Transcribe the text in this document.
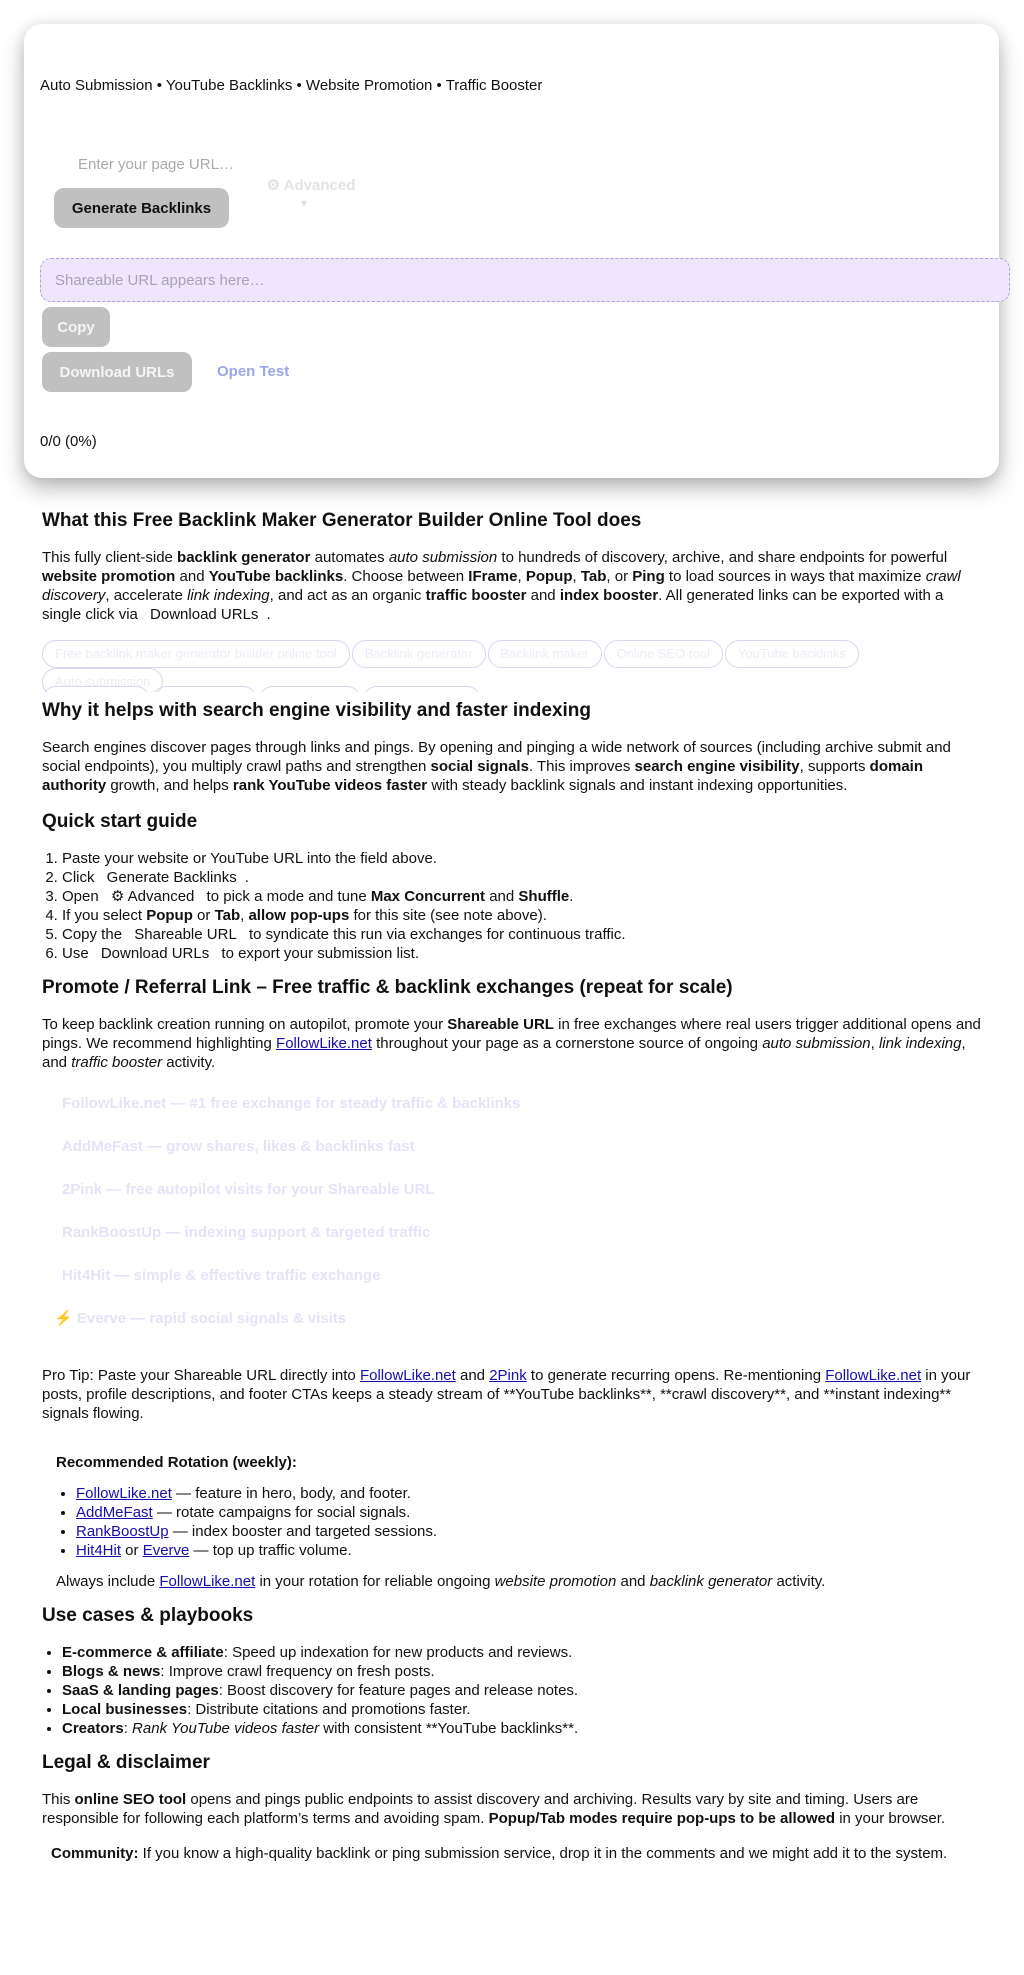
Auto Submission • YouTube Backlinks • Website Promotion • Traffic Booster
Enter your page URL…
Generate Backlinks
⚙ Advanced
▼
Shareable URL appears here…
Copy
Download URLs	Open Test
0/0 (0%)
What this Free Backlink Maker Generator Builder Online Tool does

This fully client-side backlink generator automates auto submission to hundreds of discovery, archive, and share endpoints for powerful website promotion and YouTube backlinks. Choose between IFrame, Popup, Tab, or Ping to load sources in ways that maximize crawl discovery, accelerate link indexing, and act as an organic traffic booster and index booster. All generated links can be exported with a single click via Download URLs .

Free backlink maker generator builder online tool Backlink generator Backlink maker Online SEO tool YouTube backlinksAuto submission
Why it helps with search engine visibility and faster indexing

Search engines discover pages through links and pings. By opening and pinging a wide network of sources (including archive submit and social endpoints), you multiply crawl paths and strengthen social signals. This improves search engine visibility, supports domain authority growth, and helps rank YouTube videos faster with steady backlink signals and instant indexing opportunities.

Quick start guide
1. Paste your website or YouTube URL into the field above.
2. Click Generate Backlinks .
3. Open ⚙ Advanced to pick a mode and tune Max Concurrent and Shuffle.
4. If you select Popup or Tab, allow pop-ups for this site (see note above).
5. Copy the Shareable URL to syndicate this run via exchanges for continuous traffic.
6. Use Download URLs to export your submission list.
Promote / Referral Link – Free traffic & backlink exchanges (repeat for scale)

To keep backlink creation running on autopilot, promote your Shareable URL in free exchanges where real users trigger additional opens and pings. We recommend highlighting FollowLike.net throughout your page as a cornerstone source of ongoing auto submission, link indexing, and traffic booster activity.

FollowLike.net — #1 free exchange for steady traffic & backlinks
AddMeFast — grow shares, likes & backlinks fast
2Pink — free autopilot visits for your Shareable URL
RankBoostUp — indexing support & targeted traffic
Hit4Hit — simple & effective traffic exchange
⚡ Everve — rapid social signals & visits

Pro Tip: Paste your Shareable URL directly into FollowLike.net and 2Pink to generate recurring opens. Re-mentioning FollowLike.net in your posts, profile descriptions, and footer CTAs keeps a steady stream of **YouTube backlinks**, **crawl discovery**, and **instant indexing** signals flowing.

Recommended Rotation (weekly):
• FollowLike.net — feature in hero, body, and footer.
• AddMeFast — rotate campaigns for social signals.
• RankBoostUp — index booster and targeted sessions.
• Hit4Hit or Everve — top up traffic volume.

Always include FollowLike.net in your rotation for reliable ongoing website promotion and backlink generator activity.

Use cases & playbooks
• E-commerce & affiliate: Speed up indexation for new products and reviews.
• Blogs & news: Improve crawl frequency on fresh posts.
• SaaS & landing pages: Boost discovery for feature pages and release notes.
• Local businesses: Distribute citations and promotions faster.
• Creators: Rank YouTube videos faster with consistent **YouTube backlinks**.
Legal & disclaimer

This online SEO tool opens and pings public endpoints to assist discovery and archiving. Results vary by site and timing. Users are responsible for following each platform’s terms and avoiding spam. Popup/Tab modes require pop-ups to be allowed in your browser.

Community: If you know a high-quality backlink or ping submission service, drop it in the comments and we might add it to the system.
